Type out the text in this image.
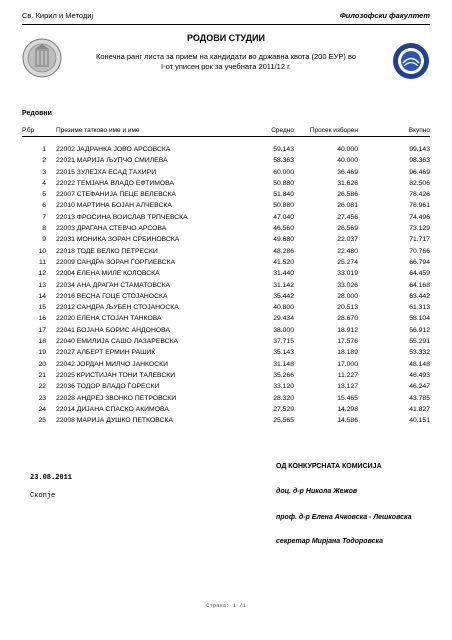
Св. Кирил и Методиј	Филозофски факултет
РОДОВИ СТУДИИ
Конечна ранг листа за прием на кандидати во државна квота (200 ЕУР) во
I-от уписен рок за учебната 2011/12 г.
Редовни
Р.бр	Презиме татково име и име	Средно Просек изборен	Вкупно
1 22002 ЈАДРАНКА ЈОВО АРСОВСКА	59.143	40.000	99.143
2 22021 МАРИЈА ЉУПЧО СМИЛЕВА	58.363	40.000	98.363
3 22015 ЗУЛЕЈХА ЕСАД ТАХИРИ	60.000	36.469	96.469
4 22022 ТЕМЈАНА ВЛАДО ЕФТИМОВА	50.880	31.626	82.506
5 22007 СТЕФАНИЈА ПЕЦЕ ВЕЛЕВСКА	51.840	26.586	78.426
6 22010 МАРТИНА БОЈАН АЛЧЕВСКА	50.880	26.081	76.961
7 22013 ФРОСИНА ВОИСЛАВ ТРПЧЕВСКА	47.040	27.456	74.496
8 22003 ДРАГАНА СТЕВЧО АРСОВА	46.560	26.569	73.129
9 22031 МОНИКА ЗОРАН СРБИНОВСКА	49.680	22.037	71.717
10 22018 ТОДЕ ВЕЛКО ПЕТРЕСКИ	48.286	22.480	70.766
11 22009 САНДРА ЗОРАН ЃОРГИЕВСКА	41.520	25.274	66.794
12 22004 ЕЛЕНА МИЛЕ КОЛОВСКА	31.440	33.019	64.459
13 22034 АНА ДРАГАН СТАМАТОВСКА	31.142	33.026	64.168
14 22016 ВЕСНА ГОЦЕ СТОЈАНОСКА	35.442	28.000	63.442
15 22012 САНДРА ЉУБЕН СТОЈАНОСКА	40.800	20.513	61.313
16 22020 ЕЛЕНА СТОЈАН ТАНКОВА	29.434	28.670	58.104
17 22041 БОЈАНА БОРИС АНДОНОВА	38.000	18.912	56.912
18 22040 ЕМИЛИЈА САШО ЛАЗАРЕВСКА	37.715	17.576	55.291
19 22027 АЛБЕРТ ЕРМИН РАШИЌ	35.143	18.189	53.332
20 22042 ЈОРДАН МИЛЧО ЈАНКОСКИ	31.148	17.000	48.148
21 22025 КРИСТИЈАН ТОНИ ТАЛЕВСКИ	35.266	11.227	46.493
22 22036 ТОДОР ВЛАДО ЃОРЕСКИ	33.120	13.127	46.247
23 22028 АНДРЕЈ ЗВОНКО ПЕТРОВСКИ	28.320	15.465	43.785
24 22014 ДИЈАНА СПАСКО АКИМОВА	27.529	14.298	41.827
25 22008 МАРИЈА ДУШКО ПЕТКОВСКА	25.565	14.586	40.151
23.08.2011
Скопје
ОД КОНКУРСНАТА КОМИСИЈА
доц. д-р Никола Жежов
проф. д-р Елена Ачковска - Лешковска
секретар Мирјана Тодоровска
Страна: 1 /1
